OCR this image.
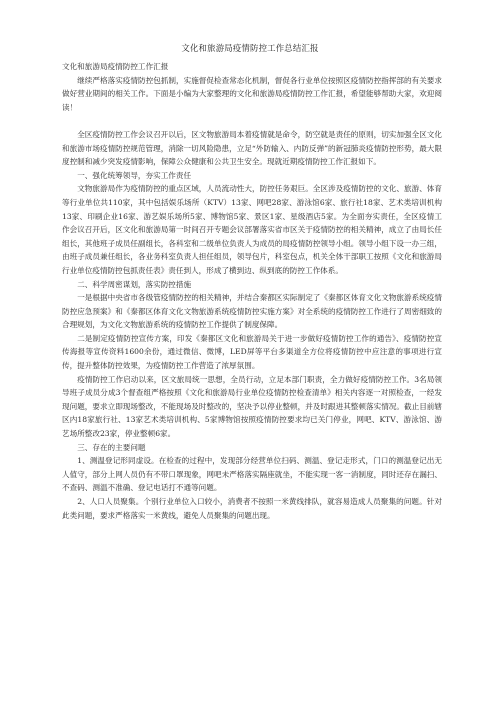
文化和旅游局疫情防控工作总结汇报

文化和旅游局疫情防控工作汇报

继续严格落实疫情防控包抓制，实施督促检查常态化机制，督促各行业单位按照区疫情防控指挥部的有关要求做好营业期间的相关工作。下面是小编为大家整理的文化和旅游局疫情防控工作汇报，希望能够帮助大家，欢迎阅读！

全区疫情防控工作会议召开以后，区文物旅游局本着疫情就是命令，防空就是责任的原则，切实加强全区文化和旅游市场疫情防控规范管理，消除一切风险隐患，立足“外防输入、内防反弹”的新冠肺炎疫情防控形势，最大限度控制和减少突发疫情影响，保障公众健康和公共卫生安全。现就近期疫情防控工作汇报如下。

一、强化统筹领导，夯实工作责任

文物旅游局作为疫情防控的重点区域，人员流动性大，防控任务艰巨。全区涉及疫情防控的文化、旅游、体育等行业单位共110家，其中包括娱乐场所（KTV）13家、网吧28家、游泳馆6家、旅行社18家、艺术类培训机构13家、印刷企业16家、游艺娱乐场所5家、博物馆5家、景区1家、星级酒店5家。为全面夯实责任，全区疫情工作会议召开后，区文化和旅游局第一时间召开专题会议部署落实省市区关于疫情防控的相关精神，成立了由局长任组长，其他班子成员任副组长，各科室和二级单位负责人为成员的局疫情防控领导小组。领导小组下设一办三组，由班子成员兼任组长，各业务科室负责人担任组员，领导包片，科室包点，机关全体干部职工按照《文化和旅游局行业单位疫情防控包抓责任表》责任到人，形成了横到边、纵到底的防控工作体系。

二、科学周密谋划，落实防控措施

一是根据中央省市各级管疫情防控的相关精神，并结合秦都区实际制定了《秦都区体育文化文物旅游系统疫情防控应急预案》和《秦都区体育文化文物旅游系统疫情防控实施方案》对全系统的疫情防控工作进行了周密细致的合理规划，为文化文物旅游系统的疫情防控工作提供了制度保障。

二是制定疫情防控宣传方案，印发《秦都区文化和旅游局关于进一步做好疫情防控工作的通告》、疫情防控宣传海报等宣传资料1600余份，通过微信、微博，LED屏等平台多渠道全方位将疫情防控中应注意的事项进行宣传，提升整体防控效果，为疫情防控工作营造了浓厚氛围。

疫情防控工作启动以来，区文旅局统一思想，全员行动，立足本部门职责，全力做好疫情防控工作。3名局领导班子成员分成3个督查组严格按照《文化和旅游局行业单位疫情防控检查清单》相关内容逐一对照检查，一经发现问题，要求立即现场整改，不能现场及时整改的，坚决予以停业整顿，并及时跟进其整顿落实情况。截止目前辖区内18家旅行社、13家艺术类培训机构、5家博物馆按照疫情防控要求均已关门停业，网吧、KTV、游泳馆、游艺场所整改23家，停业整顿6家。

三、存在的主要问题

1、测温登记形同虚设。在检查的过程中，发现部分经营单位扫码、测温、登记走形式，门口的测温登记出无人值守，部分上网人员仍有不带口罩现象，网吧未严格落实隔座就坐，不能实现一客一消制度，同时还存在漏扫、不查码、测温不准确、登记电话打不通等问题。

2、人口人员聚集。个别行业单位入口较小，消费者不按照一米黄线排队，就容易造成人员聚集的问题。针对此类问题，要求严格落实一米黄线，避免人员聚集的问题出现。
